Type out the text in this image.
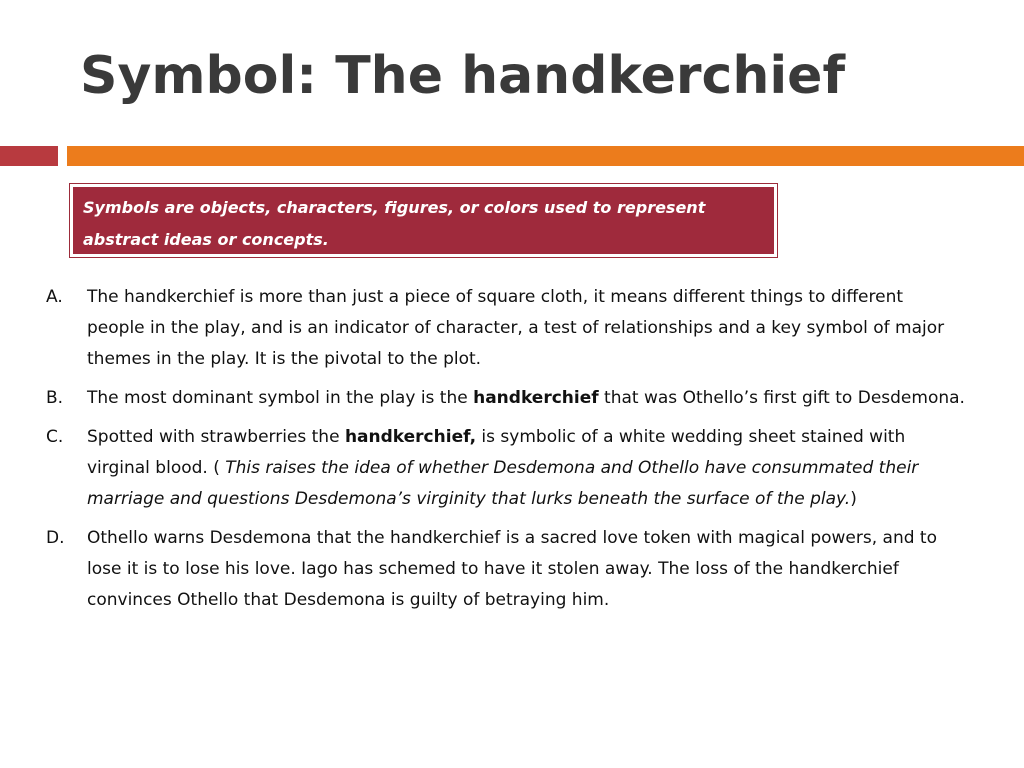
Symbol: The handkerchief
Symbols are objects, characters, figures, or colors used to represent
abstract ideas or concepts.
A.	The handkerchief is more than just a piece of square cloth, it means different things to different people in the play, and is an indicator of character, a test of relationships and a key symbol of major themes in the play. It is the pivotal to the plot.
B.	The most dominant symbol in the play is the handkerchief that was Othello’s first gift to Desdemona.
C.	Spotted with strawberries the handkerchief, is symbolic of a white wedding sheet stained with virginal blood. ( This raises the idea of whether Desdemona and Othello have consummated their marriage and questions Desdemona’s virginity that lurks beneath the surface of the play.)
D.	Othello warns Desdemona that the handkerchief is a sacred love token with magical powers, and to lose it is to lose his love. Iago has schemed to have it stolen away. The loss of the handkerchief convinces Othello that Desdemona is guilty of betraying him.
